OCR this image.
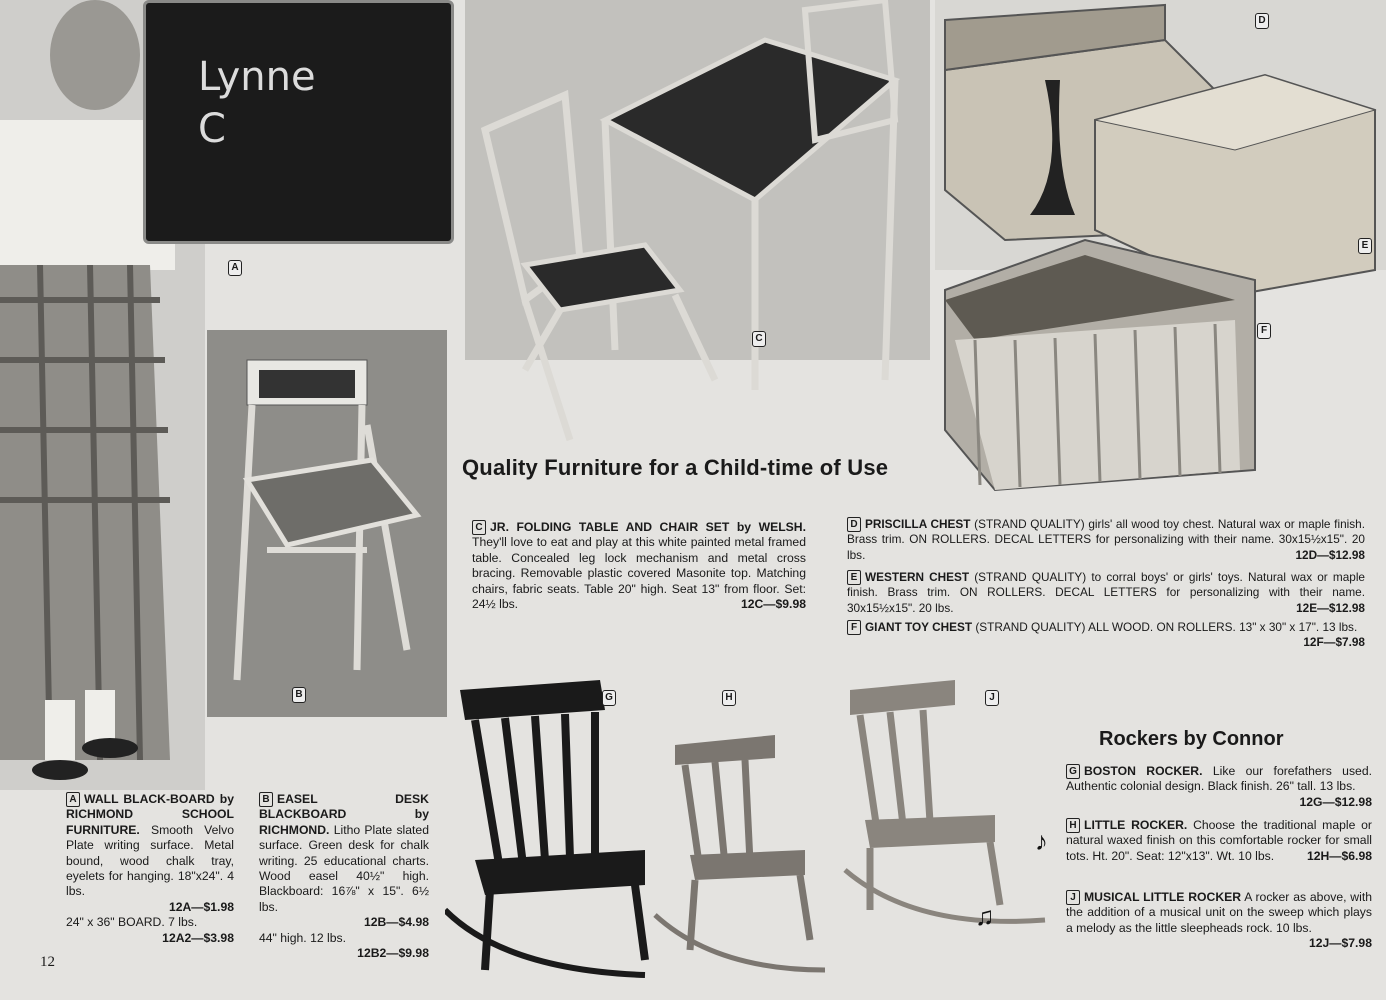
Lynne C
A
B
C
D
E
F
Quality Furniture for a Child-time of Use
♪
♫
G	H	J
A WALL BLACK-BOARD by RICHMOND SCHOOL FURNITURE. Smooth Velvo Plate writing surface. Metal bound, wood chalk tray, eyelets for hanging. 18"x24". 4 lbs.
12A—$1.98
24" x 36" BOARD. 7 lbs.
12A2—$3.98
12
B EASEL DESK BLACKBOARD by RICHMOND. Litho Plate slated surface. Green desk for chalk writing. 25 educational charts. Wood easel 40½" high. Blackboard: 16⅞" x 15". 6½ lbs.
12B—$4.98
44" high. 12 lbs.
12B2—$9.98
C JR. FOLDING TABLE AND CHAIR SET by WELSH. They'll love to eat and play at this white painted metal framed table. Concealed leg lock mechanism and metal cross bracing. Removable plastic covered Masonite top. Matching chairs, fabric seats. Table 20" high. Seat 13" from floor. Set: 24½ lbs.	12C—$9.98
D PRISCILLA CHEST (STRAND QUALITY) girls' all wood toy chest. Natural wax or maple finish. Brass trim. ON ROLLERS. DECAL LETTERS for personalizing with their name. 30x15½x15". 20 lbs.	12D—$12.98
E WESTERN CHEST (STRAND QUALITY) to corral boys' or girls' toys. Natural wax or maple finish. Brass trim. ON ROLLERS. DECAL LETTERS for personalizing with their name. 30x15½x15". 20 lbs.	12E—$12.98
F GIANT TOY CHEST (STRAND QUALITY) ALL WOOD. ON ROLLERS. 13" x 30" x 17". 13 lbs.
12F—$7.98
Rockers by Connor
G BOSTON ROCKER. Like our forefathers used. Authentic colonial design. Black finish. 26" tall. 13 lbs.
12G—$12.98
H LITTLE ROCKER. Choose the traditional maple or natural waxed finish on this comfortable rocker for small tots. Ht. 20". Seat: 12"x13". Wt. 10 lbs.	12H—$6.98
J MUSICAL LITTLE ROCKER A rocker as above, with the addition of a musical unit on the sweep which plays a melody as the little sleepheads rock. 10 lbs.
12J—$7.98
